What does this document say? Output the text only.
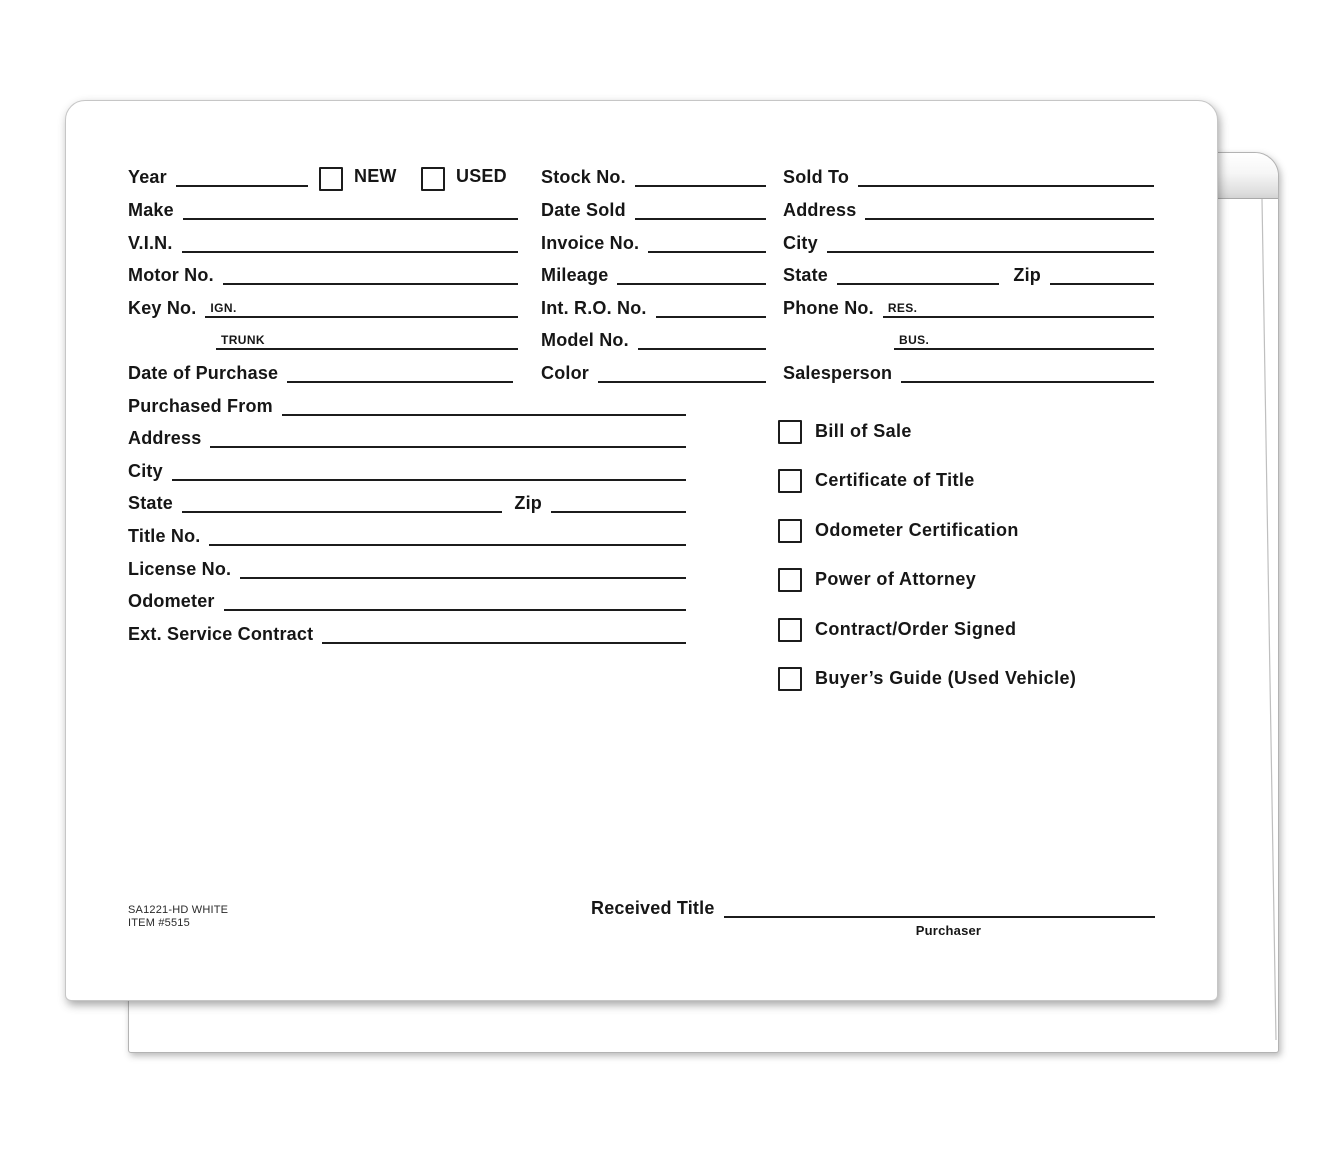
Year	NEW	USED
Make
V.I.N.
Motor No.
Key No. IGN.
TRUNK
Date of Purchase
Purchased From
Address
City
State	Zip
Title No.
License No.
Odometer
Ext. Service Contract
Stock No.
Date Sold
Invoice No.
Mileage
Int. R.O. No.
Model No.
Color
Sold To
Address
City
State	Zip
Phone No. RES.
BUS.
Salesperson
Bill of Sale
Certificate of Title
Odometer Certification
Power of Attorney
Contract/Order Signed
Buyer’s Guide (Used Vehicle)
SA1221-HD WHITE
ITEM #5515
Received Title
Purchaser
